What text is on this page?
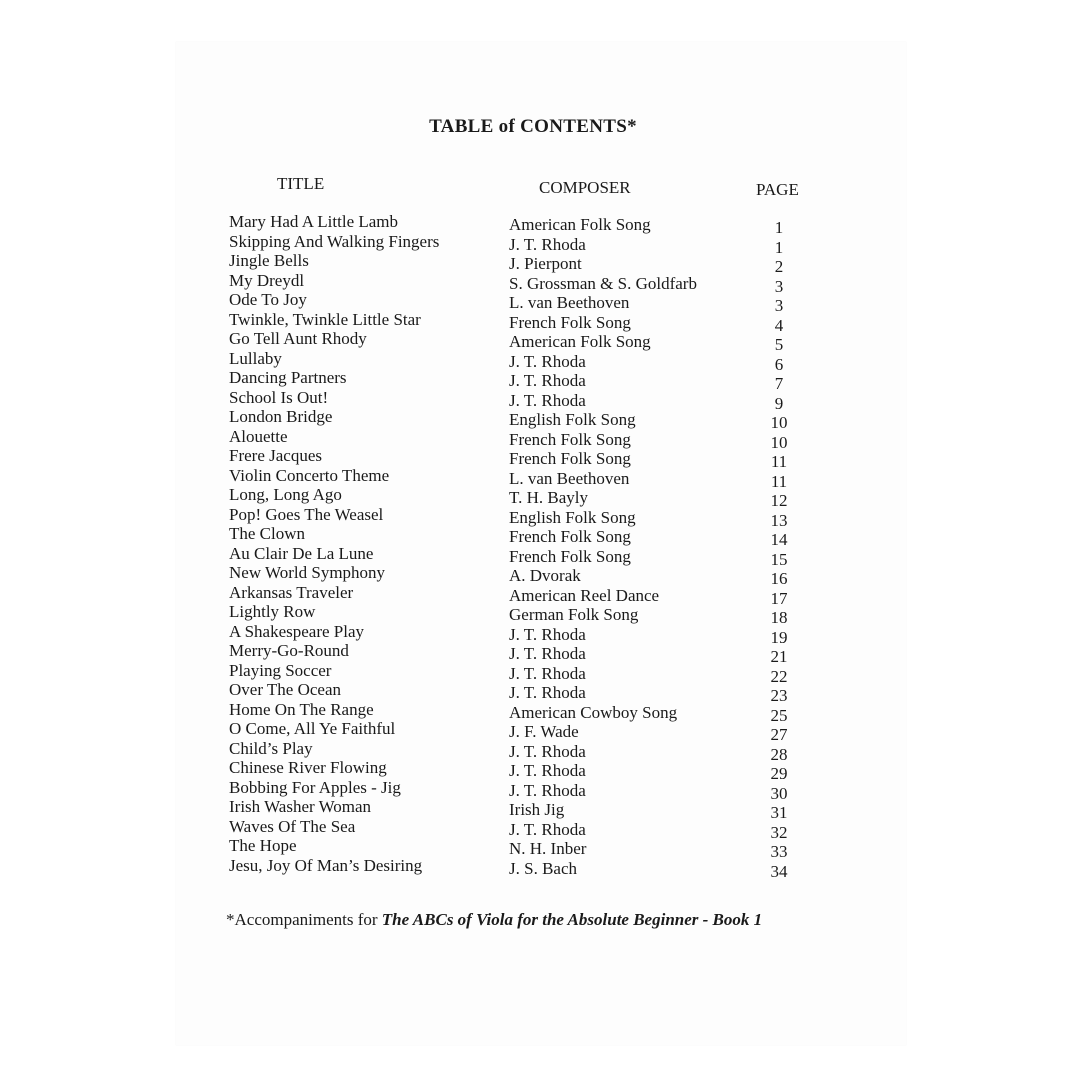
TABLE of CONTENTS*
TITLE	COMPOSER	PAGE
Mary Had A Little Lamb	American Folk Song	1
Skipping And Walking Fingers	J. T. Rhoda	1
Jingle Bells	J. Pierpont	2
My Dreydl	S. Grossman & S. Goldfarb	3
Ode To Joy	L. van Beethoven	3
Twinkle, Twinkle Little Star	French Folk Song	4
Go Tell Aunt Rhody	American Folk Song	5
Lullaby	J. T. Rhoda	6
Dancing Partners	J. T. Rhoda	7
School Is Out!	J. T. Rhoda	9
London Bridge	English Folk Song	10
Alouette	French Folk Song	10
Frere Jacques	French Folk Song	11
Violin Concerto Theme	L. van Beethoven	11
Long, Long Ago	T. H. Bayly	12
Pop! Goes The Weasel	English Folk Song	13
The Clown	French Folk Song	14
Au Clair De La Lune	French Folk Song	15
New World Symphony	A. Dvorak	16
Arkansas Traveler	American Reel Dance	17
Lightly Row	German Folk Song	18
A Shakespeare Play	J. T. Rhoda	19
Merry-Go-Round	J. T. Rhoda	21
Playing Soccer	J. T. Rhoda	22
Over The Ocean	J. T. Rhoda	23
Home On The Range	American Cowboy Song	25
O Come, All Ye Faithful	J. F. Wade	27
Child’s Play	J. T. Rhoda	28
Chinese River Flowing	J. T. Rhoda	29
Bobbing For Apples - Jig	J. T. Rhoda	30
Irish Washer Woman	Irish Jig	31
Waves Of The Sea	J. T. Rhoda	32
The Hope	N. H. Inber	33
Jesu, Joy Of Man’s Desiring	J. S. Bach	34
*Accompaniments for The ABCs of Viola for the Absolute Beginner - Book 1
